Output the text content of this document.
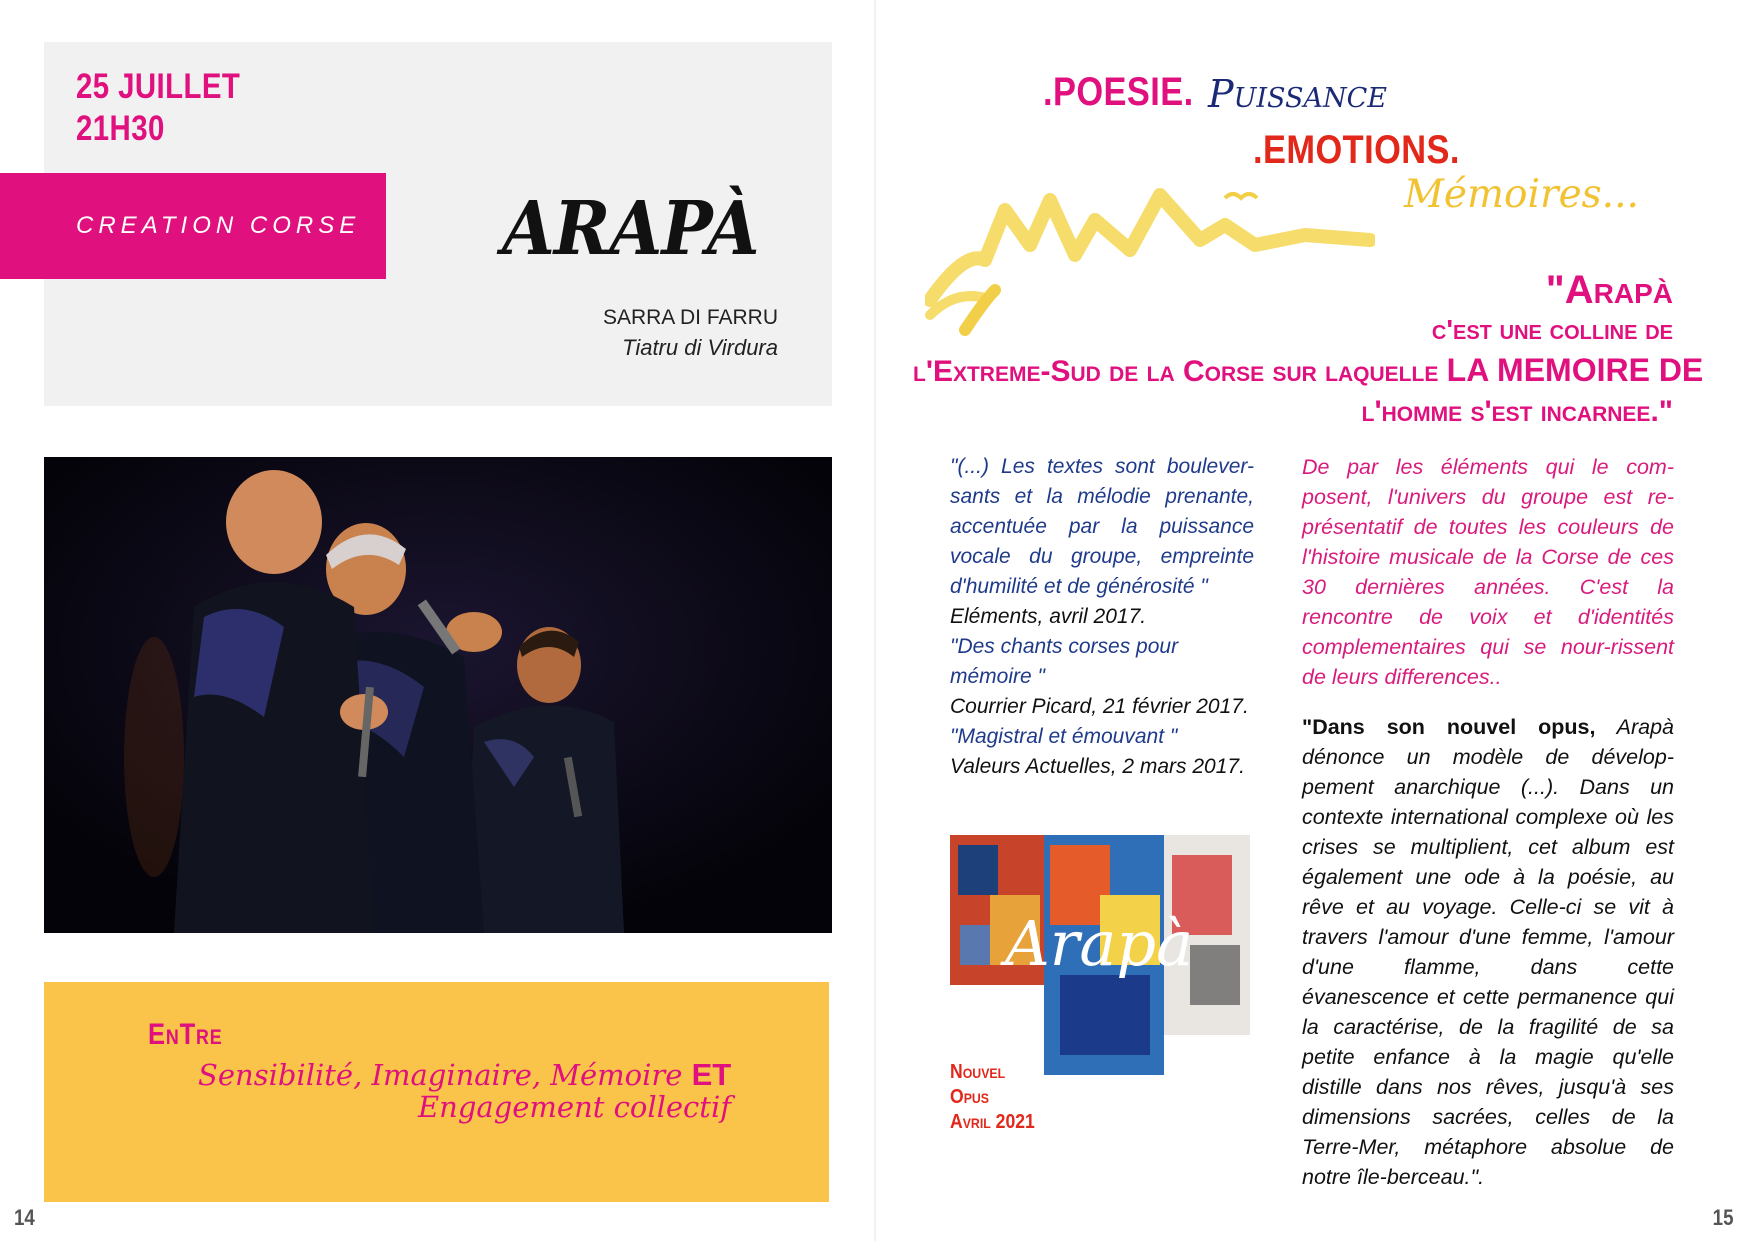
25 JUILLET
21H30
CREATION CORSE ARAPÀ
SARRA DI FARRU
Tiatru di Virdura
EnTre
Sensibilité, Imaginaire, Mémoire ET
Engagement collectif
14
.POESIE. Puissance
.EMOTIONS.
Mémoires...
"Arapà
c'est une colline de
l'Extreme-Sud de la Corse sur laquelle LA MEMOIRE DE
l'homme s'est incarnee."
"(...) Les textes sont boulever-sants et la mélodie prenante, accentuée par la puissance vocale du groupe, empreinte d'humilité et de générosité "
Eléments, avril 2017.
"Des chants corses pour mémoire "
Courrier Picard, 21 février 2017.
"Magistral et émouvant "
Valeurs Actuelles, 2 mars 2017.
Arapà
Nouvel
Opus
Avril 2021
De par les éléments qui le com-posent, l'univers du groupe est re-présentatif de toutes les couleurs de l'histoire musicale de la Corse de ces 30 dernières années. C'est la rencontre de voix et d'identités complementaires qui se nour-rissent de leurs differences..
"Dans son nouvel opus, Arapà dénonce un modèle de dévelop-pement anarchique (...). Dans un contexte international complexe où les crises se multiplient, cet album est également une ode à la poésie, au rêve et au voyage. Celle-ci se vit à travers l'amour d'une femme, l'amour d'une flamme, dans cette évanescence et cette permanence qui la caractérise, de la fragilité de sa petite enfance à la magie qu'elle distille dans nos rêves, jusqu'à ses dimensions sacrées, celles de la Terre-Mer, métaphore absolue de notre île-berceau.".
15
